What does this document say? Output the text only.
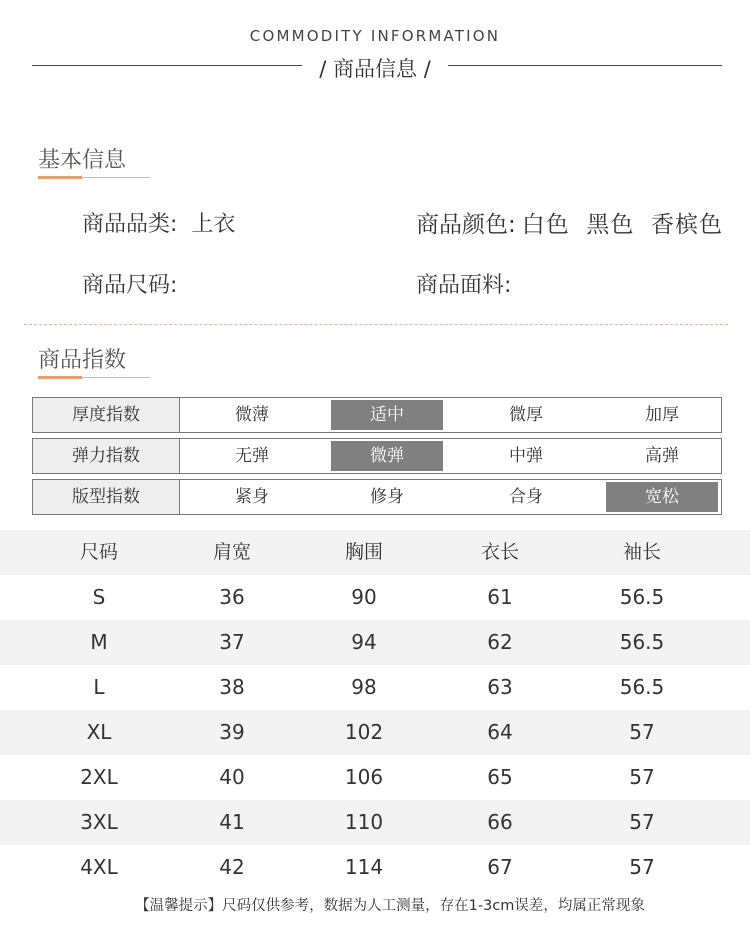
COMMODITY INFORMATION
/ 商品信息 /
基本信息
商品品类: 上衣	商品颜色: 白色  黑色  香槟色
商品尺码:	商品面料:
商品指数
厚度指数	微薄	适中	微厚	加厚
弹力指数	无弹	微弹	中弹	高弹
版型指数	紧身	修身	合身	宽松
尺码	肩宽	胸围	衣长	袖长
S	36	90	61	56.5
M	37	94	62	56.5
L	38	98	63	56.5
XL	39	102	64	57
2XL	40	106	65	57
3XL	41	110	66	57
4XL	42	114	67	57
【温馨提示】尺码仅供参考，数据为人工测量，存在1-3cm误差，均属正常现象
